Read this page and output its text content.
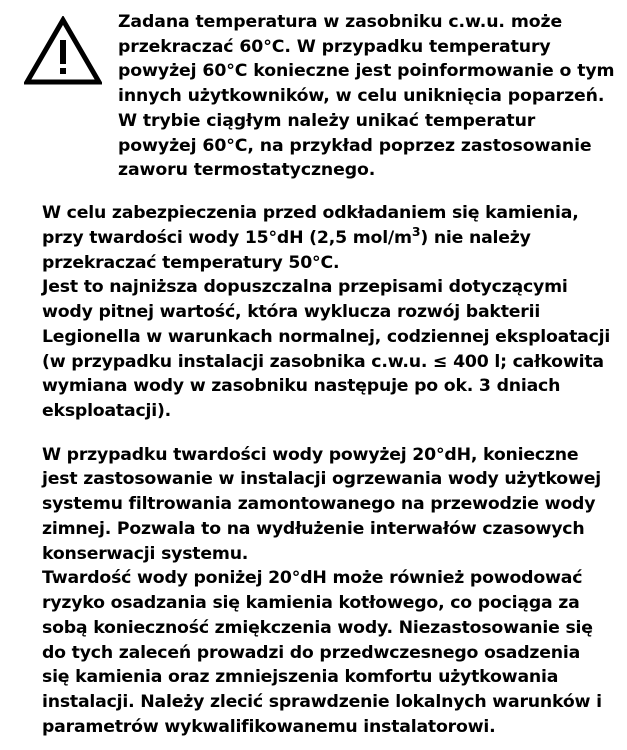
Zadana temperatura w zasobniku c.w.u. może przekraczać 60°C. W przypadku temperatury powyżej 60°C konieczne jest poinformowanie o tym innych użytkowników, w celu uniknięcia poparzeń. W trybie ciągłym należy unikać temperatur powyżej 60°C, na przykład poprzez zastosowanie zaworu termostatycznego.
W celu zabezpieczenia przed odkładaniem się kamienia, przy twardości wody 15°dH (2,5 mol/$m^3$) nie należy przekraczać temperatury 50°C.
Jest to najniższa dopuszczalna przepisami dotyczącymi wody pitnej wartość, która wyklucza rozwój bakterii Legionella w warunkach normalnej, codziennej eksploatacji (w przypadku instalacji zasobnika c.w.u. ≤ 400 l; całkowita wymiana wody w zasobniku następuje po ok. 3 dniach eksploatacji).
W przypadku twardości wody powyżej 20°dH, konieczne jest zastosowanie w instalacji ogrzewania wody użytkowej systemu filtrowania zamontowanego na przewodzie wody zimnej. Pozwala to na wydłużenie interwałów czasowych konserwacji systemu.
Twardość wody poniżej 20°dH może również powodować ryzyko osadzania się kamienia kotłowego, co pociąga za sobą konieczność zmiękczenia wody. Niezastosowanie się do tych zaleceń prowadzi do przedwczesnego osadzenia się kamienia oraz zmniejszenia komfortu użytkowania instalacji. Należy zlecić sprawdzenie lokalnych warunków i parametrów wykwalifikowanemu instalatorowi.
